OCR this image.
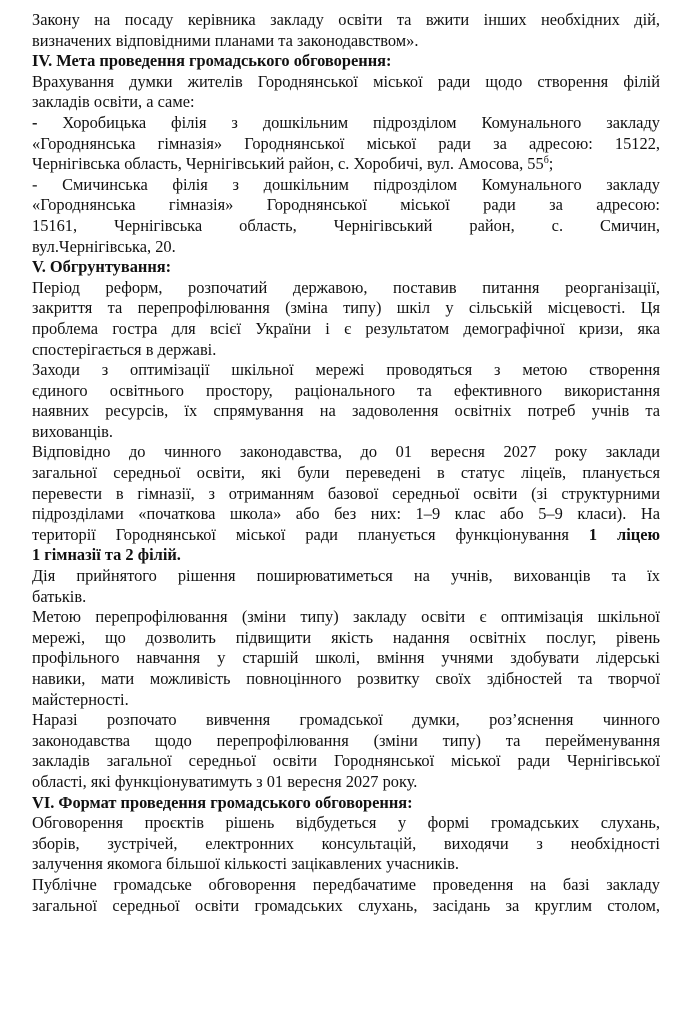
Закону на посаду керівника закладу освіти та вжити інших необхідних дій,
визначених відповідними планами та законодавством».
IV. Мета проведення громадського обговорення:
Врахування думки жителів Городнянської міської ради щодо створення філій
закладів освіти, а саме:
- Хоробицька філія з дошкільним підрозділом Комунального закладу
«Городнянська гімназія» Городнянської міської ради за адресою: 15122,
Чернігівська область, Чернігівський район, с. Хоробичі, вул. Амосова, $55^б$;
- Смичинська філія з дошкільним підрозділом Комунального закладу
«Городнянська гімназія» Городнянської міської ради за адресою:
15161, Чернігівська область, Чернігівський район, с. Смичин,
вул.Чернігівська, 20.
V. Обгрунтування:
Період реформ, розпочатий державою, поставив питання реорганізації,
закриття та перепрофілювання (зміна типу) шкіл у сільській місцевості. Ця
проблема гостра для всієї України і є результатом демографічної кризи, яка
спостерігається в державі.
Заходи з оптимізації шкільної мережі проводяться з метою створення
єдиного освітнього простору, раціонального та ефективного використання
наявних ресурсів, їх спрямування на задоволення освітніх потреб учнів та
вихованців.
Відповідно до чинного законодавства, до 01 вересня 2027 року заклади
загальної середньої освіти, які були переведені в статус ліцеїв, планується
перевести в гімназії, з отриманням базової середньої освіти (зі структурними
підрозділами «початкова школа» або без них: 1–9 клас або 5–9 класи). На
території Городнянської міської ради планується функціонування 1 ліцею
1 гімназії та 2 філій.
Дія прийнятого рішення поширюватиметься на учнів, вихованців та їх
батьків.
Метою перепрофілювання (зміни типу) закладу освіти є оптимізація шкільної
мережі, що дозволить підвищити якість надання освітніх послуг, рівень
профільного навчання у старшій школі, вміння учнями здобувати лідерські
навики, мати можливість повноцінного розвитку своїх здібностей та творчої
майстерності.
Наразі розпочато вивчення громадської думки, роз’яснення чинного
законодавства щодо перепрофілювання (зміни типу) та перейменування
закладів загальної середньої освіти Городнянської міської ради Чернігівської
області, які функціонуватимуть з 01 вересня 2027 року.
VI. Формат проведення громадського обговорення:
Обговорення проєктів рішень відбудеться у формі громадських слухань,
зборів, зустрічей, електронних консультацій, виходячи з необхідності
залучення якомога більшої кількості зацікавлених учасників.
Публічне громадське обговорення передбачатиме проведення на базі закладу
загальної середньої освіти громадських слухань, засідань за круглим столом,
